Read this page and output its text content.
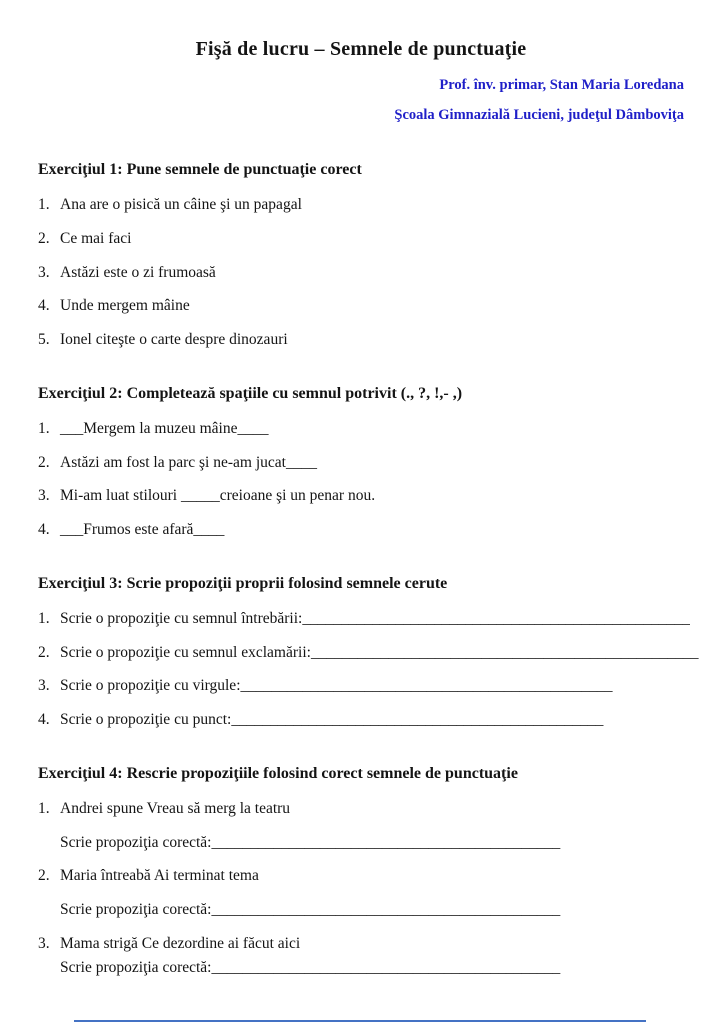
Fişă de lucru – Semnele de punctuaţie

Prof. înv. primar, Stan Maria Loredana

Şcoala Gimnazială Lucieni, judeţul Dâmboviţa

Exerciţiul 1: Pune semnele de punctuaţie corect
1. Ana are o pisică un câine şi un papagal
2. Ce mai faci
3. Astăzi este o zi frumoasă
4. Unde mergem mâine
5. Ionel citeşte o carte despre dinozauri
Exerciţiul 2: Completează spaţiile cu semnul potrivit (., ?, !,- ,)
1. ___Mergem la muzeu mâine____
2. Astăzi am fost la parc şi ne-am jucat____
3. Mi-am luat stilouri _____creioane şi un penar nou.
4. ___Frumos este afară____
Exerciţiul 3: Scrie propoziţii proprii folosind semnele cerute
1. Scrie o propoziţie cu semnul întrebării: __________________________________________________
2. Scrie o propoziţie cu semnul exclamării: __________________________________________________
3. Scrie o propoziţie cu virgule: ________________________________________________
4. Scrie o propoziţie cu punct: ________________________________________________
Exerciţiul 4: Rescrie propoziţiile folosind corect semnele de punctuaţie
1. Andrei spune Vreau să merg la teatru
Scrie propoziţia corectă: _____________________________________________
2. Maria întreabă Ai terminat tema
Scrie propoziţia corectă: _____________________________________________
3. Mama strigă Ce dezordine ai făcut aici
Scrie propoziţia corectă: _____________________________________________
